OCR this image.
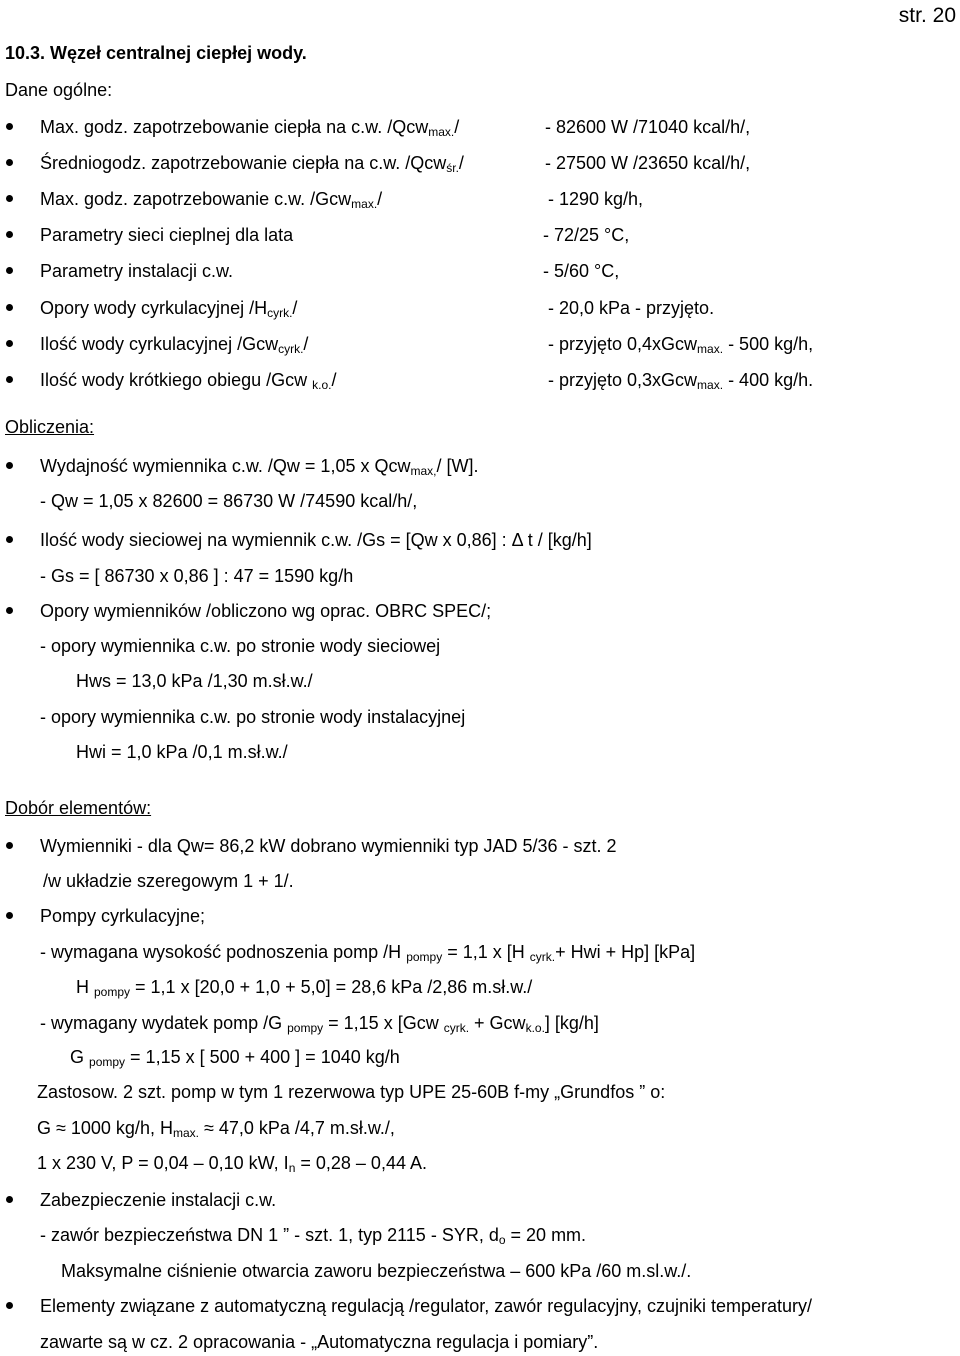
str. 20
10.3. Węzeł centralnej ciepłej wody.
Dane ogólne:
Max. godz. zapotrzebowanie ciepła na c.w. /Qcw$_{max.}$/	- 82600 W /71040 kcal/h/,
Średniogodz. zapotrzebowanie ciepła na c.w. /Qcw$_{śr.}$/	- 27500 W /23650 kcal/h/,
Max. godz. zapotrzebowanie c.w. /Gcw$_{max.}$/	- 1290 kg/h,
Parametry sieci cieplnej dla lata	- 72/25 °C,
Parametry instalacji c.w.	- 5/60 °C,
Opory wody cyrkulacyjnej $/H_{cyrk.}/$	- 20,0 kPa - przyjęto.
Ilość wody cyrkulacyjnej /Gcw$_{cyrk.}$/	- przyjęto 0,4xGcw$_{max.}$ - 500 kg/h,
Ilość wody krótkiego obiegu /Gcw $_{k.o.}$/	- przyjęto 0,3xGcw$_{max.}$ - 400 kg/h.
Obliczenia:
Wydajność wymiennika c.w. /Qw = 1,05 x Qcw$_{max,}$/ [W].
- Qw = 1,05 x 82600 = 86730 W /74590 kcal/h/,
Ilość wody sieciowej na wymiennik c.w. /Gs = [Qw x 0,86] : Δ t / [kg/h]
- Gs = [ 86730 x 0,86 ] : 47 = 1590 kg/h
Opory wymienników /obliczono wg oprac. OBRC SPEC/;
- opory wymiennika c.w. po stronie wody sieciowej
Hws = 13,0 kPa /1,30 m.sł.w./
- opory wymiennika c.w. po stronie wody instalacyjnej
Hwi = 1,0 kPa /0,1 m.sł.w./
Dobór elementów:
Wymienniki - dla Qw= 86,2 kW dobrano wymienniki typ JAD 5/36 - szt. 2
/w układzie szeregowym 1 + 1/.
Pompy cyrkulacyjne;
- wymagana wysokość podnoszenia pomp /H $_{pompy}$ = 1,1 x [H $_{cyrk.}$+ Hwi + Hp] [kPa]
H $_{pompy}$ = 1,1 x [20,0 + 1,0 + 5,0] = 28,6 kPa /2,86 m.sł.w./
- wymagany wydatek pomp /G $_{pompy}$ = 1,15 x [Gcw $_{cyrk.}$ + Gcw$_{k.o.}$] [kg/h]
G $_{pompy}$ = 1,15 x [ 500 + 400 ] = 1040 kg/h
Zastosow. 2 szt. pomp w tym 1 rezerwowa typ UPE 25-60B f-my „Grundfos ” o:
G ≈ 1000 kg/h, $H_{max.} \approx 47,0$ kPa /4,7 m.sł.w./,
1 x 230 V, P = 0,04 – 0,10 kW, $I_n = 0,28 - 0,44$ A.
Zabezpieczenie instalacji c.w.
- zawór bezpieczeństwa DN 1 ” - szt. 1, typ 2115 - SYR, $d_o = 20$ mm.
Maksymalne ciśnienie otwarcia zaworu bezpieczeństwa – 600 kPa /60 m.sl.w./.
Elementy związane z automatyczną regulacją /regulator, zawór regulacyjny, czujniki temperatury/
zawarte są w cz. 2 opracowania - „Automatyczna regulacja i pomiary”.
